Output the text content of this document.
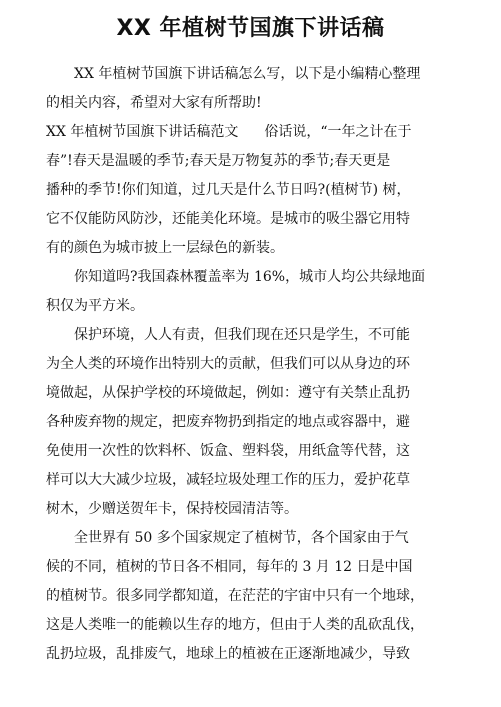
XX 年植树节国旗下讲话稿
XX 年植树节国旗下讲话稿怎么写，以下是小编精心整理
的相关内容，希望对大家有所帮助!
XX 年植树节国旗下讲话稿范文 俗话说，“一年之计在于
春”!春天是温暖的季节;春天是万物复苏的季节;春天更是
播种的季节!你们知道，过几天是什么节日吗?(植树节) 树，
它不仅能防风防沙，还能美化环境。是城市的吸尘器它用特
有的颜色为城市披上一层绿色的新装。
你知道吗?我国森林覆盖率为 16%，城市人均公共绿地面
积仅为平方米。
保护环境，人人有责，但我们现在还只是学生，不可能
为全人类的环境作出特别大的贡献，但我们可以从身边的环
境做起，从保护学校的环境做起，例如：遵守有关禁止乱扔
各种废弃物的规定，把废弃物扔到指定的地点或容器中，避
免使用一次性的饮料杯、饭盒、塑料袋，用纸盒等代替，这
样可以大大减少垃圾，减轻垃圾处理工作的压力，爱护花草
树木，少赠送贺年卡，保持校园清洁等。
全世界有 50 多个国家规定了植树节，各个国家由于气
候的不同，植树的节日各不相同，每年的 3 月 12 日是中国
的植树节。很多同学都知道，在茫茫的宇宙中只有一个地球，
这是人类唯一的能赖以生存的地方，但由于人类的乱砍乱伐，
乱扔垃圾，乱排废气，地球上的植被在正逐渐地减少，导致
